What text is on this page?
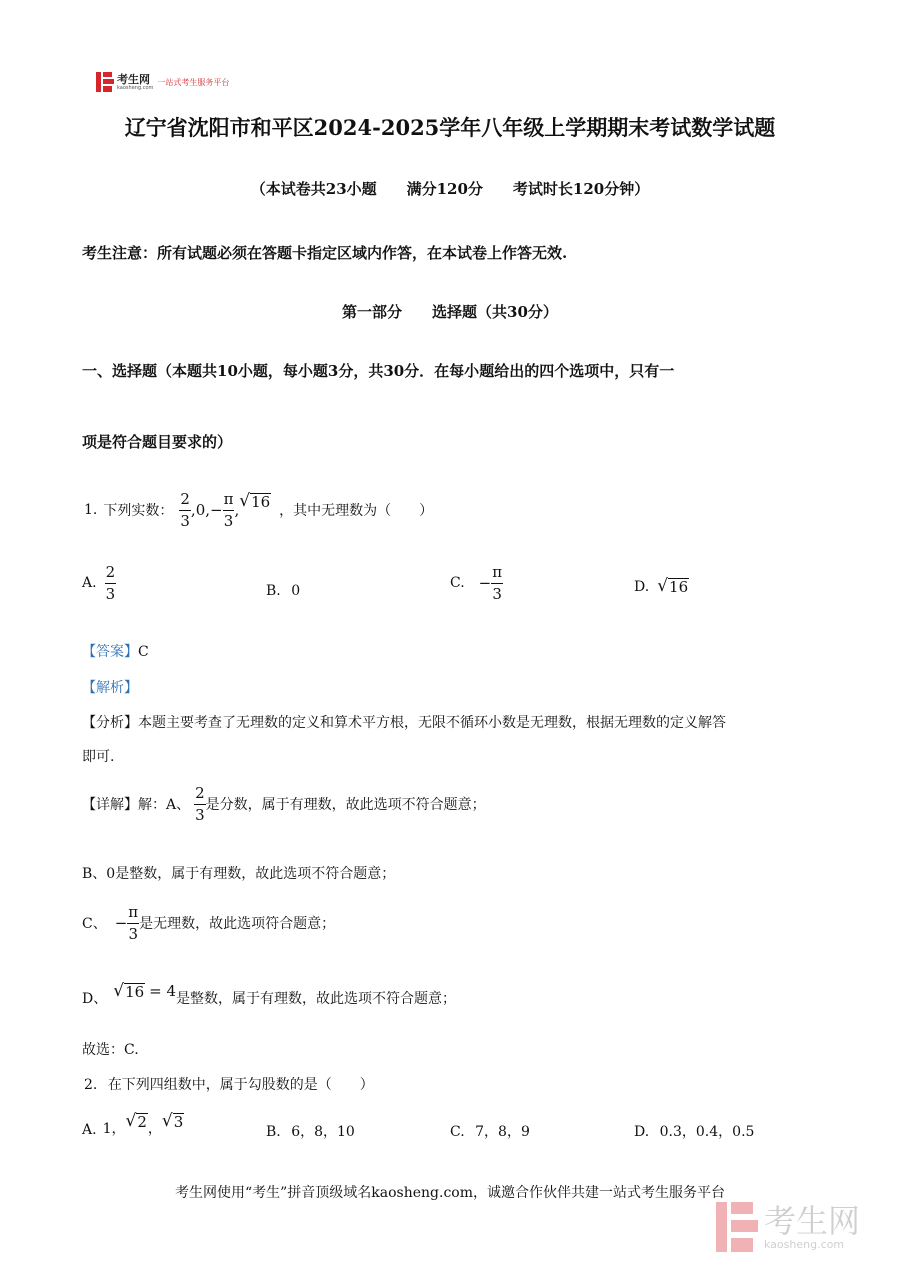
考生网
kaosheng.com
一站式考生服务平台
辽宁省沈阳市和平区2024-2025学年八年级上学期期末考试数学试题
（本试卷共23小题　　满分120分　　考试时长120分钟）
考生注意：所有试题必须在答题卡指定区域内作答，在本试卷上作答无效.
第一部分　　选择题（共30分）
一、选择题（本题共10小题，每小题3分，共30分．在每小题给出的四个选项中，只有一
项是符合题目要求的）
1. 下列实数： $\frac{2}{3}$ , 0 , − $\frac{\pi}{3}$ , √ 16
，其中无理数为（　　）
A. $\frac{2}{3}$	B. 0	C. − $\frac{\pi}{3}$	D. √ 16
【答案】C
【解析】
【分析】本题主要考查了无理数的定义和算术平方根，无限不循环小数是无理数，根据无理数的定义解答
即可.
【详解】解：A、 $\frac{2}{3}$ 是分数，属于有理数，故此选项不符合题意；
B、0是整数，属于有理数，故此选项不符合题意；
C、 − $\frac{\pi}{3}$ 是无理数，故此选项符合题意；
D、 √ 16 = 4 是整数，属于有理数，故此选项不符合题意；
故选：C.
2. 在下列四组数中，属于勾股数的是（　　）
A. 1， √ 2 ， √ 3
B. 6，8，10	C. 7，8，9	D. 0.3，0.4，0.5
考生网使用“考生”拼音顶级域名kaosheng.com，诚邀合作伙伴共建一站式考生服务平台
考生网
kaosheng.com
